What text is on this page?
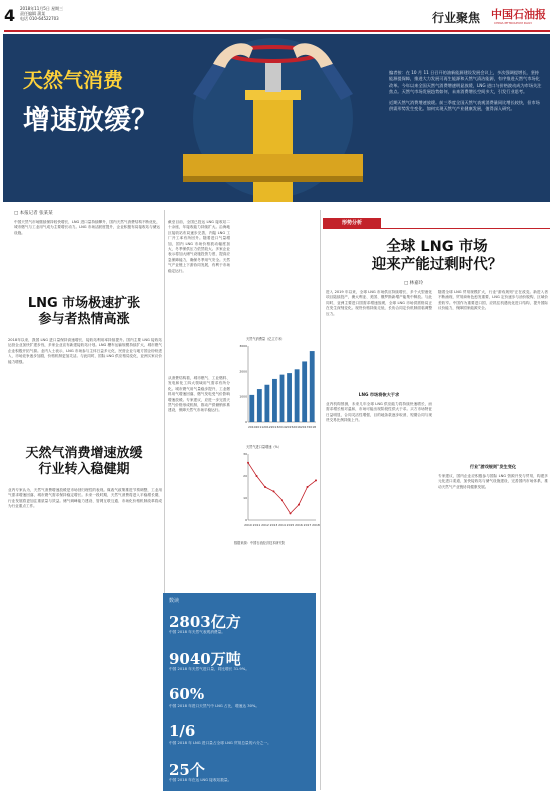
4 2018年11月5日 星期三
责任编辑 蒲某
电话 010-64522703	行业聚焦 中国石油报
CHINA PETROLEUM DAILY
天然气消费
增速放缓？
编者按：在 10 月 11 日召开的油新能源建设发展会议上，多次强调提增长，坚持能源提保障，推进大力发展可再生能源和天然气清洁能源，有序推进天然气市场化改革。今年以来全国天然气消费增速明显放缓，LNG 进口与价格波动成为市场关注焦点。天然气市场发展趋势如何，未来消费增长空间多大，引发行业思考。
近期天然气消费增速放缓。前三季度全国天然气表观消费量同比增长较快，但市场供需形势发生变化。如何实现天然气产业健康发展，值得深入研究。
□ 本报记者 张某某
中国天然气市场继续保持较快增长，LNG 进口量持续攀升，国内天然气消费结构不断优化，城市燃气与工业用气成为主要增长动力。LNG 市场活跃度提升，企业积极布局接收站与储运设施。
LNG 市场极速扩张
参与者热情高涨
2018年以来，我国 LNG 进口量保持高速增长，接收站利用率持续提升。国内主要 LNG 接收站运营企业加快扩建步伐，多家企业宣布新建接收站计划。LNG 槽车运输规模持续扩大，城市燃气企业积极开拓气源。业内人士表示，LNG 市场参与主体日益多元化，民营企业与地方国企纷纷进入，市场竞争逐步加剧，价格机制更加灵活。与此同时，国际 LNG 供应格局变化，亚洲买家议价能力增强。
天然气消费增速放缓
行业转入稳健期
业内专家认为，天然气消费增速放缓是市场回归理性的表现。煤改气政策推进节奏调整，工业用气需求增速回落，城市燃气需求保持稳定增长。未来一段时期，天然气消费将进入平稳增长期，行业发展将更加注重质量与效益。储气调峰能力建设、管网互联互通、市场化价格机制改革将成为行业重点工作。
截至目前，全国已投运 LNG 接收站二十余座，年接收能力持续扩大。沿海地区接收站布局逐步完善，内陆 LNG 工厂开工率有所回升。随着进口气量增加，国内 LNG 市场价格波动幅度加大，冬季保供压力依然较大。多家企业表示将加大储气设施投资力度，提高应急保障能力，确保冬季用气安全。天然气产业链上下游协同发展，有利于市场稳定运行。
天然气消费量（亿立方米）
2010 2011 2012 2013 2014 2015 2016 2017 2018
0
1000
2000
3000
天然气进口量增速（%）
2010 2011 2012 2013 2014 2015 2016 2017 2018
0
10
20
30
从消费结构看，城市燃气、工业燃料、发电和化工四大领域用气需求有所分化。城市燃气用气量稳步提升，工业燃料用气增速回落，燃气发电受气价影响增速放缓。专家建议，应进一步完善天然气价格形成机制，推动产供储销体系建设，保障天然气市场平稳运行。
数据来源：中国石油经济技术研究院
数读
2803亿方
中国 2018 年天然气表观消费量。
9040万吨
中国 2018 年天然气进口量，同比增长 31.9%。
60%
中国 2018 年进口天然气中 LNG 占比，增速达 30%。
1/6
中国 2018 年 LNG 进口量占全球 LNG 贸易总量的六分之一。
25个
中国 2018 年在运 LNG 接收站数量。
形势分析
全球 LNG 市场
迎来产能过剩时代？
□ 林嘉玲
进入 2019 年以来，全球 LNG 市场供应持续增长，多个大型液化项目陆续投产，澳大利亚、美国、俄罗斯新增产能集中释放。与此同时，亚洲主要进口国需求增速放缓，全球 LNG 市场供需格局正在发生深刻变化。现货价格持续走低，长协合同定价机制面临调整压力。
LNG 市场将恢大于求
业内机构预测，未来几年全球 LNG 供应能力将持续快速增长，而需求增长相对温和，市场可能出现阶段性供大于求。买方市场特征日益明显，合同灵活性增强，目的地条款逐步取消，短期合同与现货交易比例持续上升。
随着全球 LNG 贸易规模扩大，行业"游戏规则"正在改变。新进入者不断涌现，贸易商角色愈发重要，LNG 定价逐步与油价脱钩，区域价差收窄。中国作为重要进口国，应抓住机遇优化进口结构，提升国际议价能力，保障国家能源安全。
行业"游戏规则"发生变化
专家建议，国内企业应积极参与国际 LNG 资源开发与贸易，构建多元化进口渠道，加快接收站与储气设施建设，完善国内市场体系，推动天然气产业链协同健康发展。
